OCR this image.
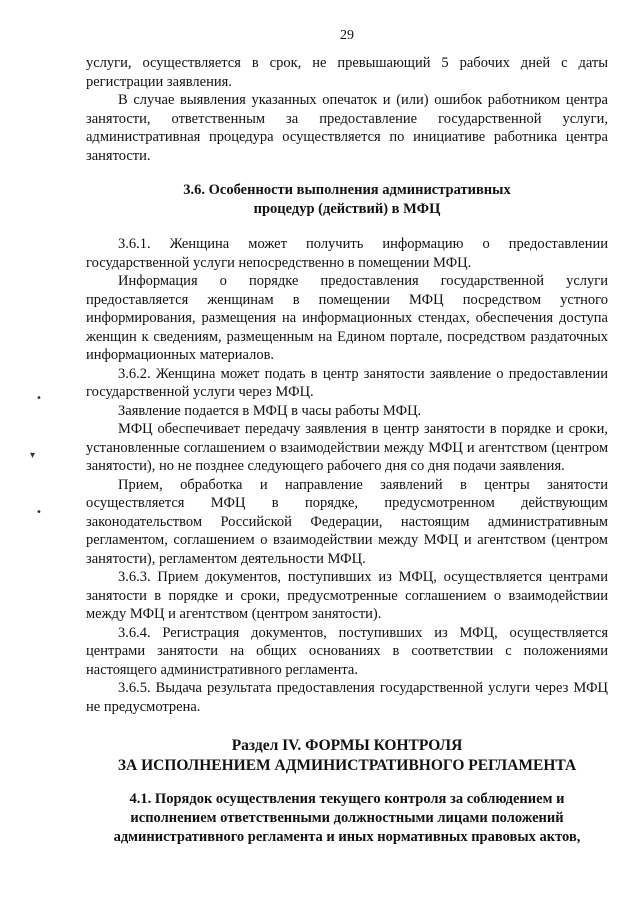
•
▾
•
29

услуги, осуществляется в срок, не превышающий 5 рабочих дней с даты регистрации заявления.

В случае выявления указанных опечаток и (или) ошибок работником центра занятости, ответственным за предоставление государственной услуги, административная процедура осуществляется по инициативе работника центра занятости.

3.6. Особенности выполнения административных
процедур (действий) в МФЦ

3.6.1. Женщина может получить информацию о предоставлении государственной услуги непосредственно в помещении МФЦ.

Информация о порядке предоставления государственной услуги предоставляется женщинам в помещении МФЦ посредством устного информирования, размещения на информационных стендах, обеспечения доступа женщин к сведениям, размещенным на Едином портале, посредством раздаточных информационных материалов.

3.6.2. Женщина может подать в центр занятости заявление о предоставлении государственной услуги через МФЦ.

Заявление подается в МФЦ в часы работы МФЦ.

МФЦ обеспечивает передачу заявления в центр занятости в порядке и сроки, установленные соглашением о взаимодействии между МФЦ и агентством (центром занятости), но не позднее следующего рабочего дня со дня подачи заявления.

Прием, обработка и направление заявлений в центры занятости осуществляется МФЦ в порядке, предусмотренном действующим законодательством Российской Федерации, настоящим административным регламентом, соглашением о взаимодействии между МФЦ и агентством (центром занятости), регламентом деятельности МФЦ.

3.6.3. Прием документов, поступивших из МФЦ, осуществляется центрами занятости в порядке и сроки, предусмотренные соглашением о взаимодействии между МФЦ и агентством (центром занятости).

3.6.4. Регистрация документов, поступивших из МФЦ, осуществляется центрами занятости на общих основаниях в соответствии с положениями настоящего административного регламента.

3.6.5. Выдача результата предоставления государственной услуги через МФЦ не предусмотрена.

Раздел IV. ФОРМЫ КОНТРОЛЯ
ЗА ИСПОЛНЕНИЕМ АДМИНИСТРАТИВНОГО РЕГЛАМЕНТА
4.1. Порядок осуществления текущего контроля за соблюдением и
исполнением ответственными должностными лицами положений
административного регламента и иных нормативных правовых актов,
